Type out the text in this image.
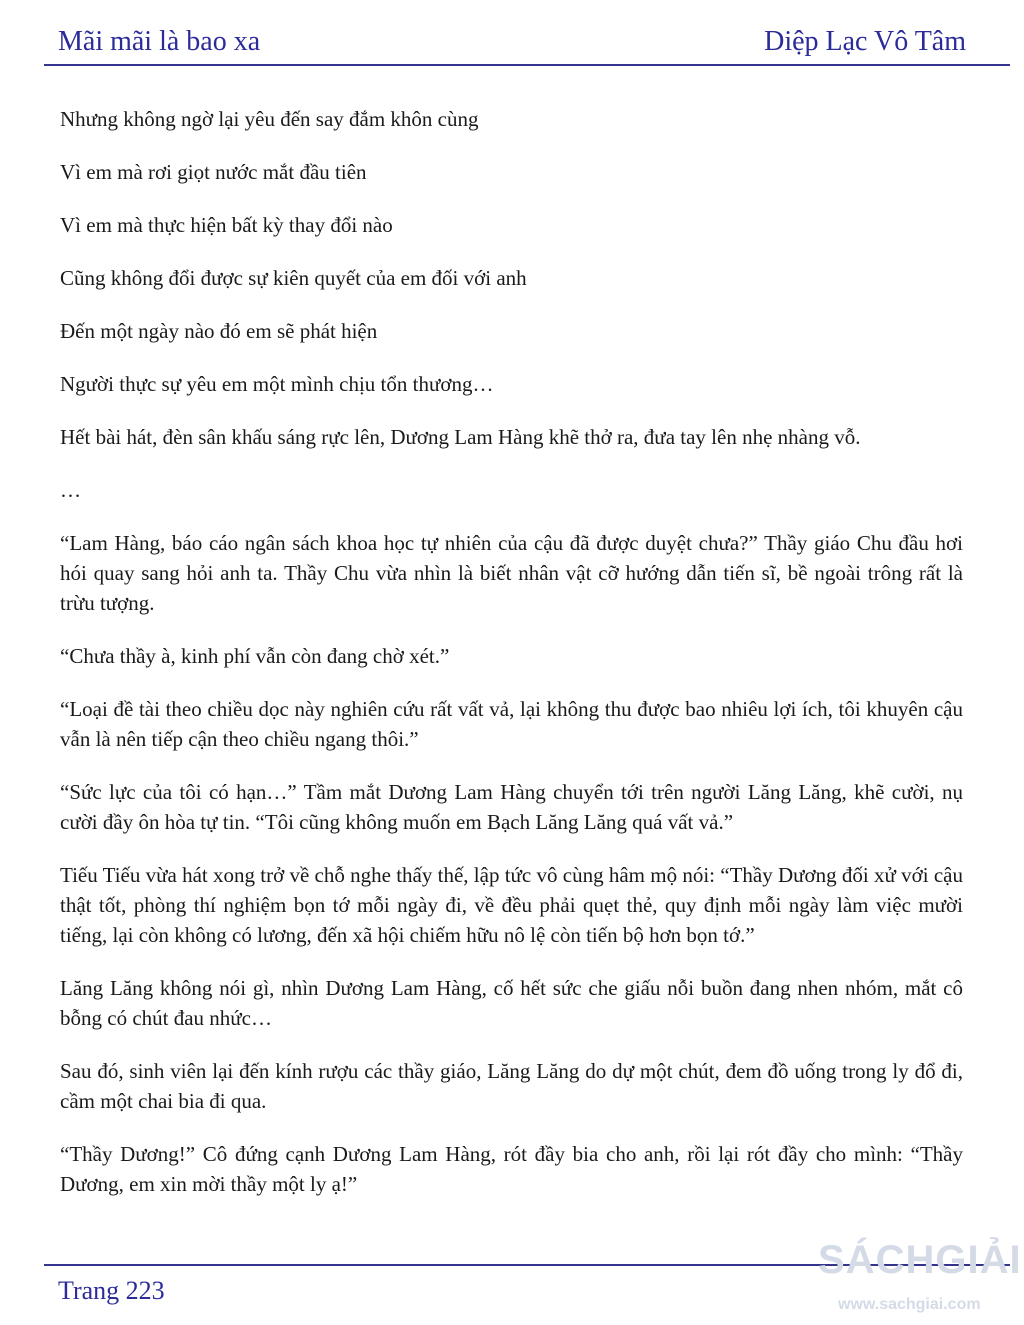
Mãi mãi là bao xa	Diệp Lạc Vô Tâm

Nhưng không ngờ lại yêu đến say đắm khôn cùng

Vì em mà rơi giọt nước mắt đầu tiên

Vì em mà thực hiện bất kỳ thay đổi nào

Cũng không đổi được sự kiên quyết của em đối với anh

Đến một ngày nào đó em sẽ phát hiện

Người thực sự yêu em một mình chịu tổn thương…

Hết bài hát, đèn sân khấu sáng rực lên, Dương Lam Hàng khẽ thở ra, đưa tay lên nhẹ nhàng vỗ.

…

“Lam Hàng, báo cáo ngân sách khoa học tự nhiên của cậu đã được duyệt chưa?” Thầy giáo Chu đầu hơi hói quay sang hỏi anh ta. Thầy Chu vừa nhìn là biết nhân vật cỡ hướng dẫn tiến sĩ, bề ngoài trông rất là trừu tượng.

“Chưa thầy à, kinh phí vẫn còn đang chờ xét.”

“Loại đề tài theo chiều dọc này nghiên cứu rất vất vả, lại không thu được bao nhiêu lợi ích, tôi khuyên cậu vẫn là nên tiếp cận theo chiều ngang thôi.”

“Sức lực của tôi có hạn…” Tầm mắt Dương Lam Hàng chuyển tới trên người Lăng Lăng, khẽ cười, nụ cười đầy ôn hòa tự tin. “Tôi cũng không muốn em Bạch Lăng Lăng quá vất vả.”

Tiếu Tiếu vừa hát xong trở về chỗ nghe thấy thế, lập tức vô cùng hâm mộ nói: “Thầy Dương đối xử với cậu thật tốt, phòng thí nghiệm bọn tớ mỗi ngày đi, về đều phải quẹt thẻ, quy định mỗi ngày làm việc mười tiếng, lại còn không có lương, đến xã hội chiếm hữu nô lệ còn tiến bộ hơn bọn tớ.”

Lăng Lăng không nói gì, nhìn Dương Lam Hàng, cố hết sức che giấu nỗi buồn đang nhen nhóm, mắt cô bỗng có chút đau nhức…

Sau đó, sinh viên lại đến kính rượu các thầy giáo, Lăng Lăng do dự một chút, đem đồ uống trong ly đổ đi, cầm một chai bia đi qua.

“Thầy Dương!” Cô đứng cạnh Dương Lam Hàng, rót đầy bia cho anh, rồi lại rót đầy cho mình: “Thầy Dương, em xin mời thầy một ly ạ!”

Trang 223
SÁCHGIẢI
www.sachgiai.com
